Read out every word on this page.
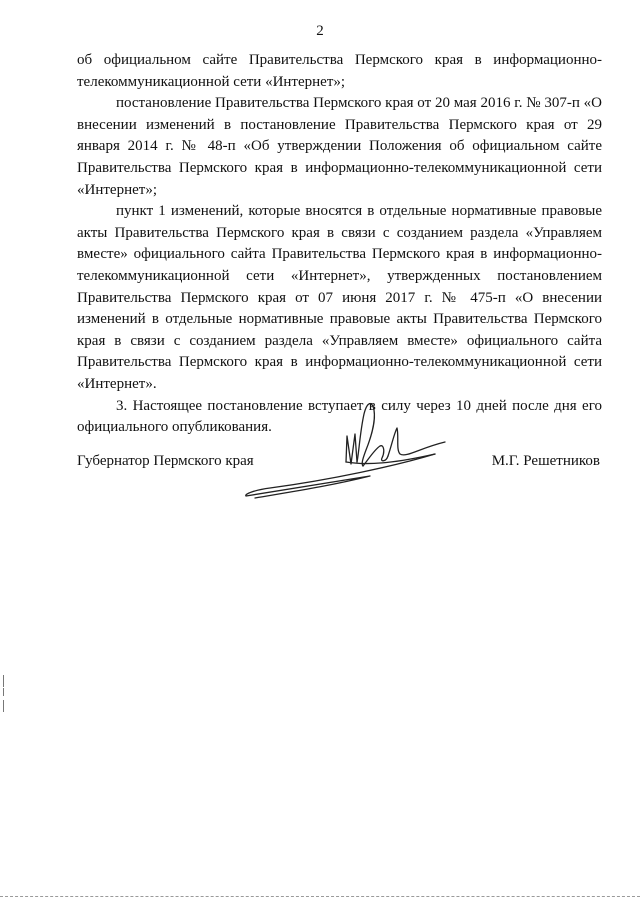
2

об официальном сайте Правительства Пермского края в информационно-телекоммуникационной сети «Интернет»;

постановление Правительства Пермского края от 20 мая 2016 г. № 307-п «О внесении изменений в постановление Правительства Пермского края от 29 января 2014 г. № 48-п «Об утверждении Положения об официальном сайте Правительства Пермского края в информационно-телекоммуникационной сети «Интернет»;

пункт 1 изменений, которые вносятся в отдельные нормативные правовые акты Правительства Пермского края в связи с созданием раздела «Управляем вместе» официального сайта Правительства Пермского края в информационно-телекоммуникационной сети «Интернет», утвержденных постановлением Правительства Пермского края от 07 июня 2017 г. № 475-п «О внесении изменений в отдельные нормативные правовые акты Правительства Пермского края в связи с созданием раздела «Управляем вместе» официального сайта Правительства Пермского края в информационно-телекоммуникационной сети «Интернет».

3. Настоящее постановление вступает в силу через 10 дней после дня его официального опубликования.

Губернатор Пермского края	М.Г. Решетников
